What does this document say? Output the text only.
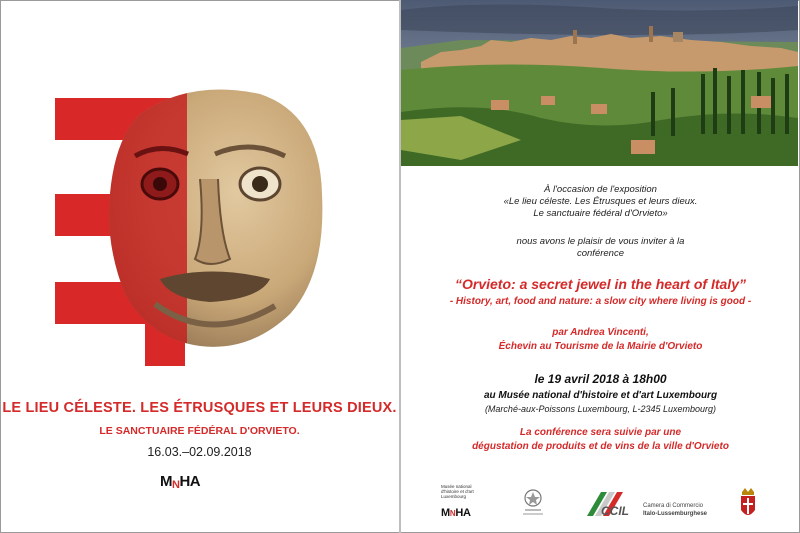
LE LIEU CÉLESTE. LES ÉTRUSQUES ET LEURS DIEUX.
LE SANCTUAIRE FÉDÉRAL D'ORVIETO.
16.03.–02.09.2018
MNHA
À l'occasion de l'exposition
«Le lieu céleste. Les Étrusques et leurs dieux.
Le sanctuaire fédéral d'Orvieto»
nous avons le plaisir de vous inviter à la
conférence
“Orvieto: a secret jewel in the heart of Italy”
- History, art, food and nature: a slow city where living is good -
par Andrea Vincenti,
Échevin au Tourisme de la Mairie d'Orvieto
le 19 avril 2018 à 18h00
au Musée national d'histoire et d'art Luxembourg
(Marché-aux-Poissons Luxembourg, L-2345 Luxembourg)
La conférence sera suivie par une
dégustation de produits et de vins de la ville d'Orvieto
Musée national
d'histoire et d'art
Luxembourg
MNHA	CCIL Camera di Commercio
Italo-Lussemburghese
